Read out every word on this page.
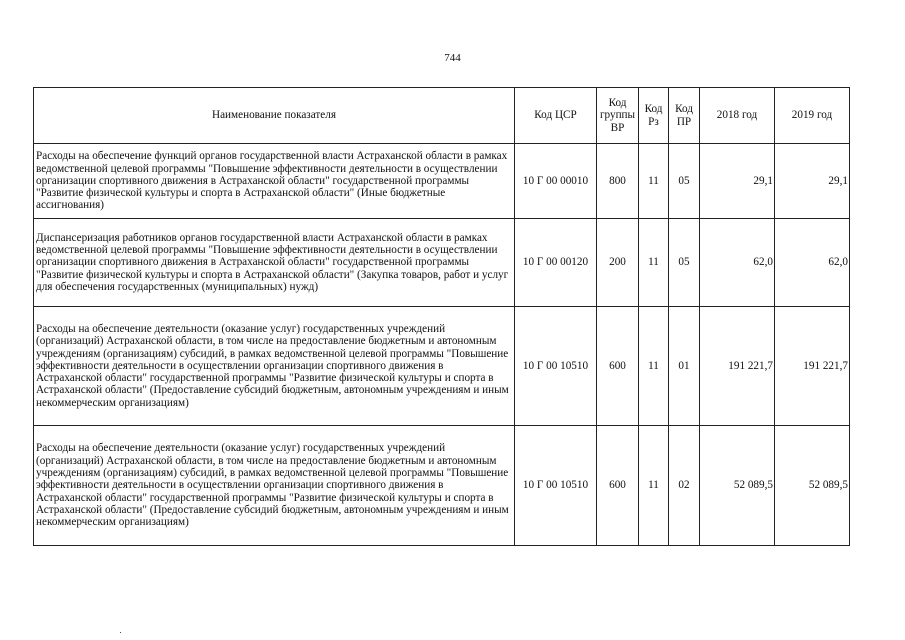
744
Наименование показателя	Код ЦСР	Код группы ВР	Код Рз	Код ПР	2018 год	2019 год
Расходы на обеспечение функций органов государственной власти Астраханской области в рамках ведомственной целевой программы "Повышение эффективности деятельности в осуществлении организации спортивного движения в Астраханской области" государственной программы "Развитие физической культуры и спорта в Астраханской области" (Иные бюджетные ассигнования)	10 Г 00 00010	800	11	05	29,1	29,1
Диспансеризация работников органов государственной власти Астраханской области в рамках ведомственной целевой программы "Повышение эффективности деятельности в осуществлении организации спортивного движения в Астраханской области" государственной программы "Развитие физической культуры и спорта в Астраханской области" (Закупка товаров, работ и услуг для обеспечения государственных (муниципальных) нужд)	10 Г 00 00120	200	11	05	62,0	62,0
Расходы на обеспечение деятельности (оказание услуг) государственных учреждений (организаций) Астраханской области, в том числе на предоставление бюджетным и автономным учреждениям (организациям) субсидий, в рамках ведомственной целевой программы "Повышение эффективности деятельности в осуществлении организации спортивного движения в Астраханской области" государственной программы "Развитие физической культуры и спорта в Астраханской области" (Предоставление субсидий бюджетным, автономным учреждениям и иным некоммерческим организациям)	10 Г 00 10510	600	11	01	191 221,7	191 221,7
Расходы на обеспечение деятельности (оказание услуг) государственных учреждений (организаций) Астраханской области, в том числе на предоставление бюджетным и автономным учреждениям (организациям) субсидий, в рамках ведомственной целевой программы "Повышение эффективности деятельности в осуществлении организации спортивного движения в Астраханской области" государственной программы "Развитие физической культуры и спорта в Астраханской области" (Предоставление субсидий бюджетным, автономным учреждениям и иным некоммерческим организациям)	10 Г 00 10510	600	11	02	52 089,5	52 089,5
